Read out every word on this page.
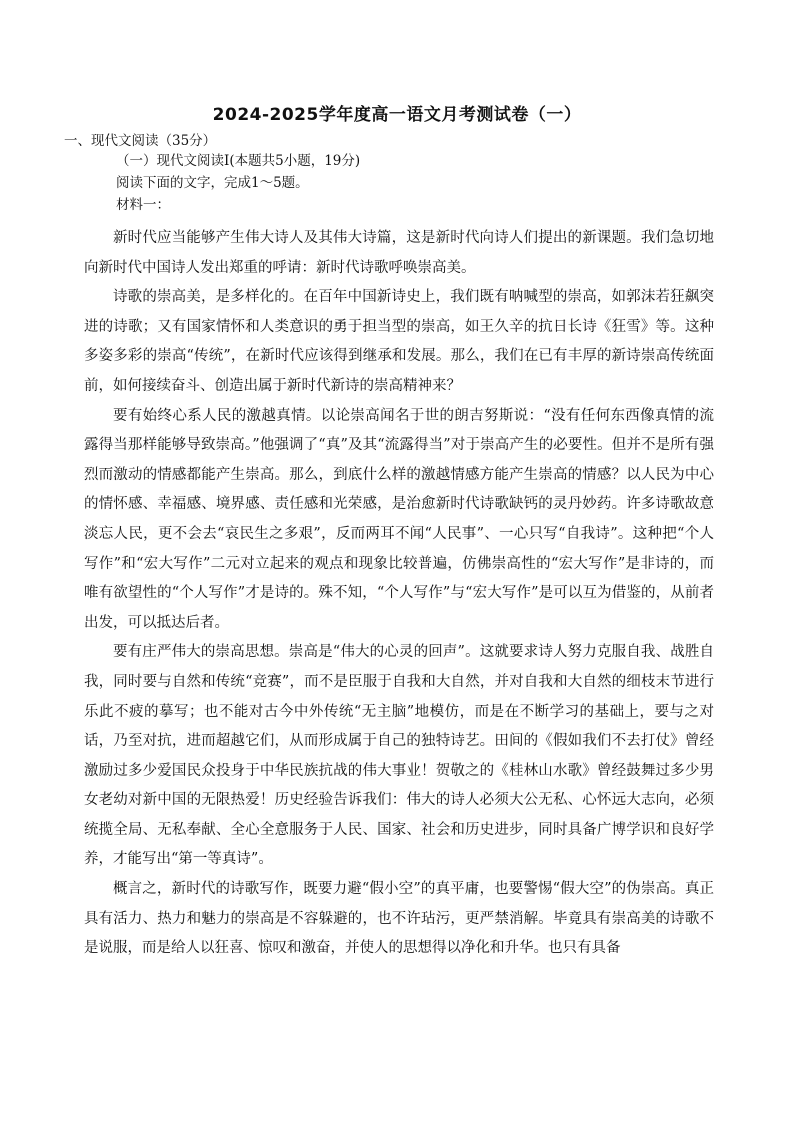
2024-2025学年度高一语文月考测试卷（一）
一、现代文阅读（35分）
（一）现代文阅读Ⅰ(本题共5小题，19分)
阅读下面的文字，完成1～5题。
材料一：

新时代应当能够产生伟大诗人及其伟大诗篇，这是新时代向诗人们提出的新课题。我们急切地向新时代中国诗人发出郑重的呼请：新时代诗歌呼唤崇高美。

诗歌的崇高美，是多样化的。在百年中国新诗史上，我们既有呐喊型的崇高，如郭沫若狂飙突进的诗歌；又有国家情怀和人类意识的勇于担当型的崇高，如王久辛的抗日长诗《狂雪》等。这种多姿多彩的崇高“传统”，在新时代应该得到继承和发展。那么，我们在已有丰厚的新诗崇高传统面前，如何接续奋斗、创造出属于新时代新诗的崇高精神来？

要有始终心系人民的激越真情。以论崇高闻名于世的朗吉努斯说：“没有任何东西像真情的流露得当那样能够导致崇高。”他强调了“真”及其“流露得当”对于崇高产生的必要性。但并不是所有强烈而激动的情感都能产生崇高。那么，到底什么样的激越情感方能产生崇高的情感？以人民为中心的情怀感、幸福感、境界感、责任感和光荣感，是治愈新时代诗歌缺钙的灵丹妙药。许多诗歌故意淡忘人民，更不会去“哀民生之多艰”，反而两耳不闻“人民事”、一心只写“自我诗”。这种把“个人写作”和“宏大写作”二元对立起来的观点和现象比较普遍，仿佛崇高性的“宏大写作”是非诗的，而唯有欲望性的“个人写作”才是诗的。殊不知，“个人写作”与“宏大写作”是可以互为借鉴的，从前者出发，可以抵达后者。

要有庄严伟大的崇高思想。崇高是“伟大的心灵的回声”。这就要求诗人努力克服自我、战胜自我，同时要与自然和传统“竞赛”，而不是臣服于自我和大自然，并对自我和大自然的细枝末节进行乐此不疲的摹写；也不能对古今中外传统“无主脑”地模仿，而是在不断学习的基础上，要与之对话，乃至对抗，进而超越它们，从而形成属于自己的独特诗艺。田间的《假如我们不去打仗》曾经激励过多少爱国民众投身于中华民族抗战的伟大事业！贺敬之的《桂林山水歌》曾经鼓舞过多少男女老幼对新中国的无限热爱！历史经验告诉我们：伟大的诗人必须大公无私、心怀远大志向，必须统揽全局、无私奉献、全心全意服务于人民、国家、社会和历史进步，同时具备广博学识和良好学养，才能写出“第一等真诗”。

概言之，新时代的诗歌写作，既要力避“假小空”的真平庸，也要警惕“假大空”的伪崇高。真正具有活力、热力和魅力的崇高是不容躲避的，也不许玷污，更严禁消解。毕竟具有崇高美的诗歌不是说服，而是给人以狂喜、惊叹和激奋，并使人的思想得以净化和升华。也只有具备
